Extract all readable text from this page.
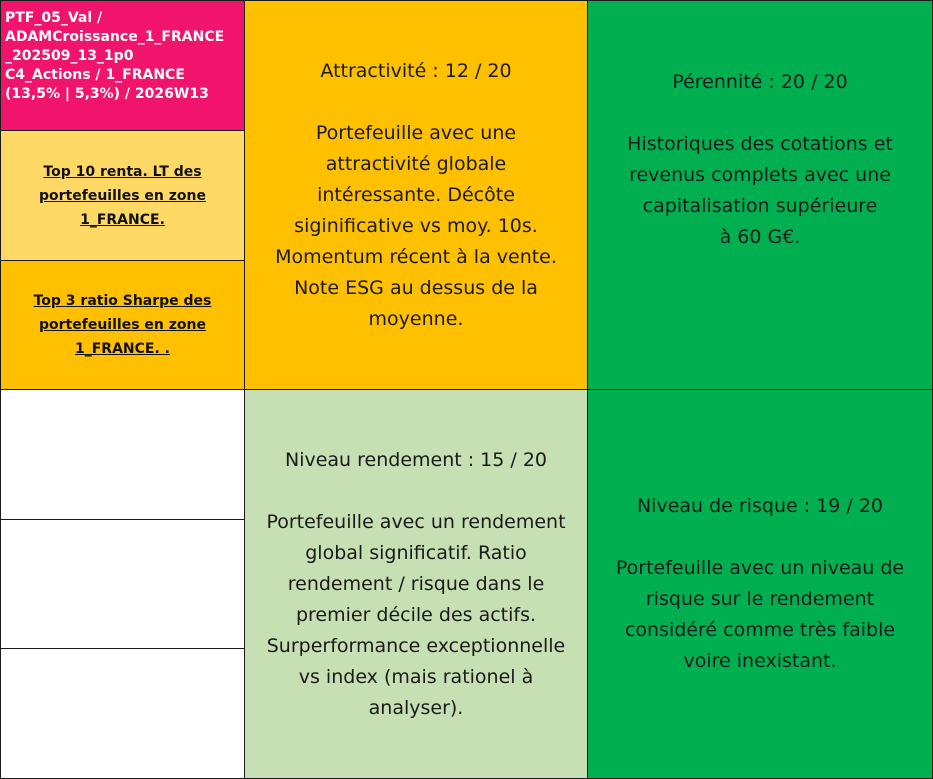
PTF_05_Val /
ADAMCroissance_1_FRANCE
_202509_13_1p0
C4_Actions / 1_FRANCE
(13,5% | 5,3%) / 2026W13
Top 10 renta. LT des
portefeuilles en zone
1_FRANCE.
Top 3 ratio Sharpe des
portefeuilles en zone
1_FRANCE. .
Attractivité : 12 / 20
Portefeuille avec une
attractivité globale
intéressante. Décôte
siginificative vs moy. 10s.
Momentum récent à la vente.
Note ESG au dessus de la
moyenne.
Pérennité : 20 / 20
Historiques des cotations et
revenus complets avec une
capitalisation supérieure
à 60 G€.
Niveau rendement : 15 / 20
Portefeuille avec un rendement
global significatif. Ratio
rendement / risque dans le
premier décile des actifs.
Surperformance exceptionnelle
vs index (mais rationel à
analyser).
Niveau de risque : 19 / 20
Portefeuille avec un niveau de
risque sur le rendement
considéré comme très faible
voire inexistant.
